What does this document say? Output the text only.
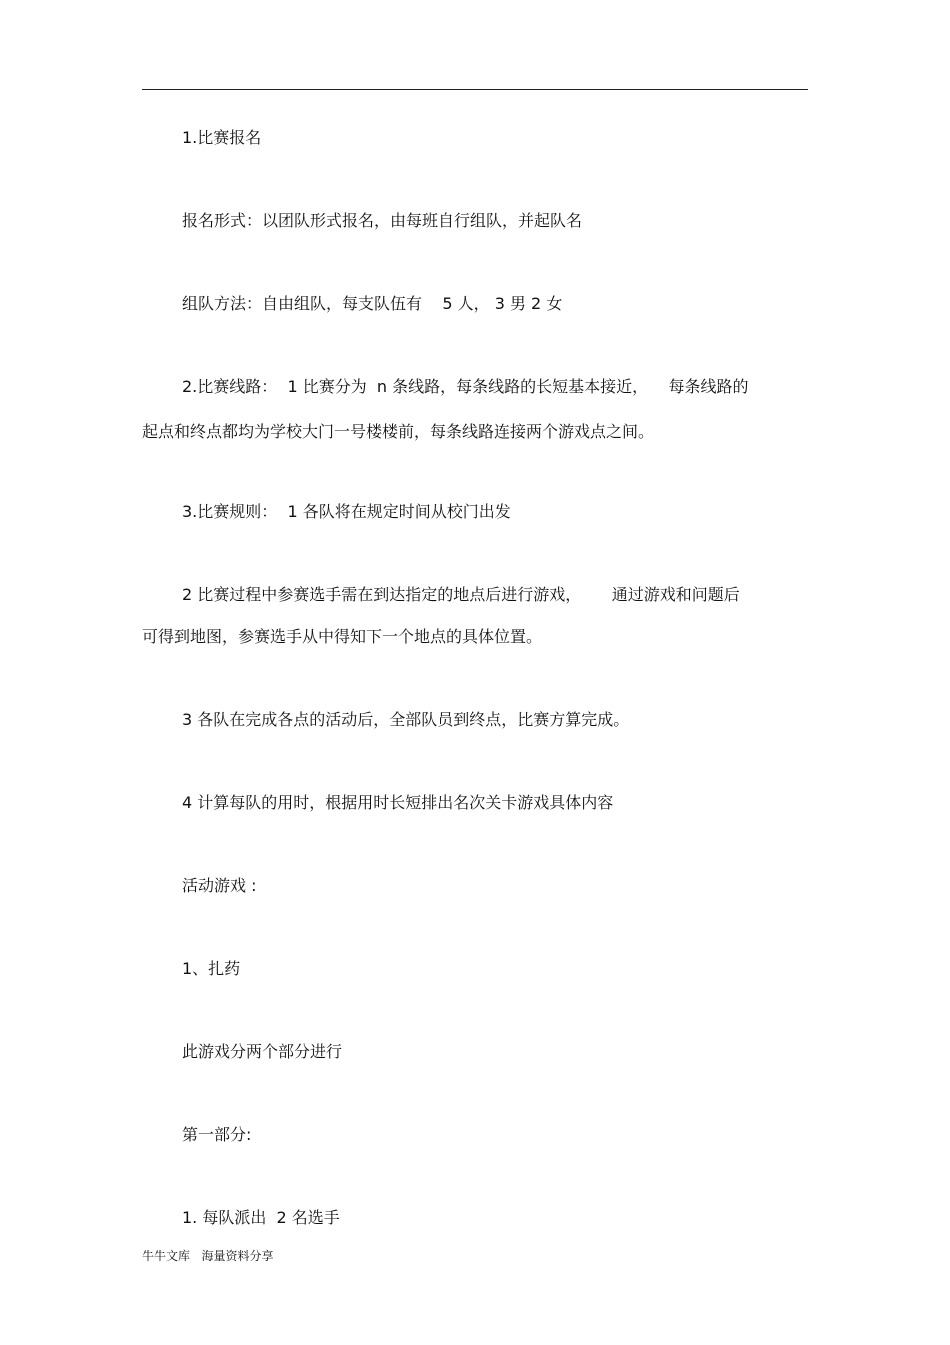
1.比赛报名
报名形式：以团队形式报名，由每班自行组队，并起队名
组队方法：自由组队，每支队伍有    5 人， 3 男 2 女
2.比赛线路：  1 比赛分为  n 条线路，每条线路的长短基本接近，    每条线路的
起点和终点都均为学校大门一号楼楼前，每条线路连接两个游戏点之间。
3.比赛规则：  1 各队将在规定时间从校门出发
2 比赛过程中参赛选手需在到达指定的地点后进行游戏，      通过游戏和问题后
可得到地图，参赛选手从中得知下一个地点的具体位置。
3 各队在完成各点的活动后，全部队员到终点，比赛方算完成。
4 计算每队的用时，根据用时长短排出名次关卡游戏具体内容
活动游戏 :
1、扎药
此游戏分两个部分进行
第一部分:
1. 每队派出  2 名选手
牛牛文库   海量资料分享
